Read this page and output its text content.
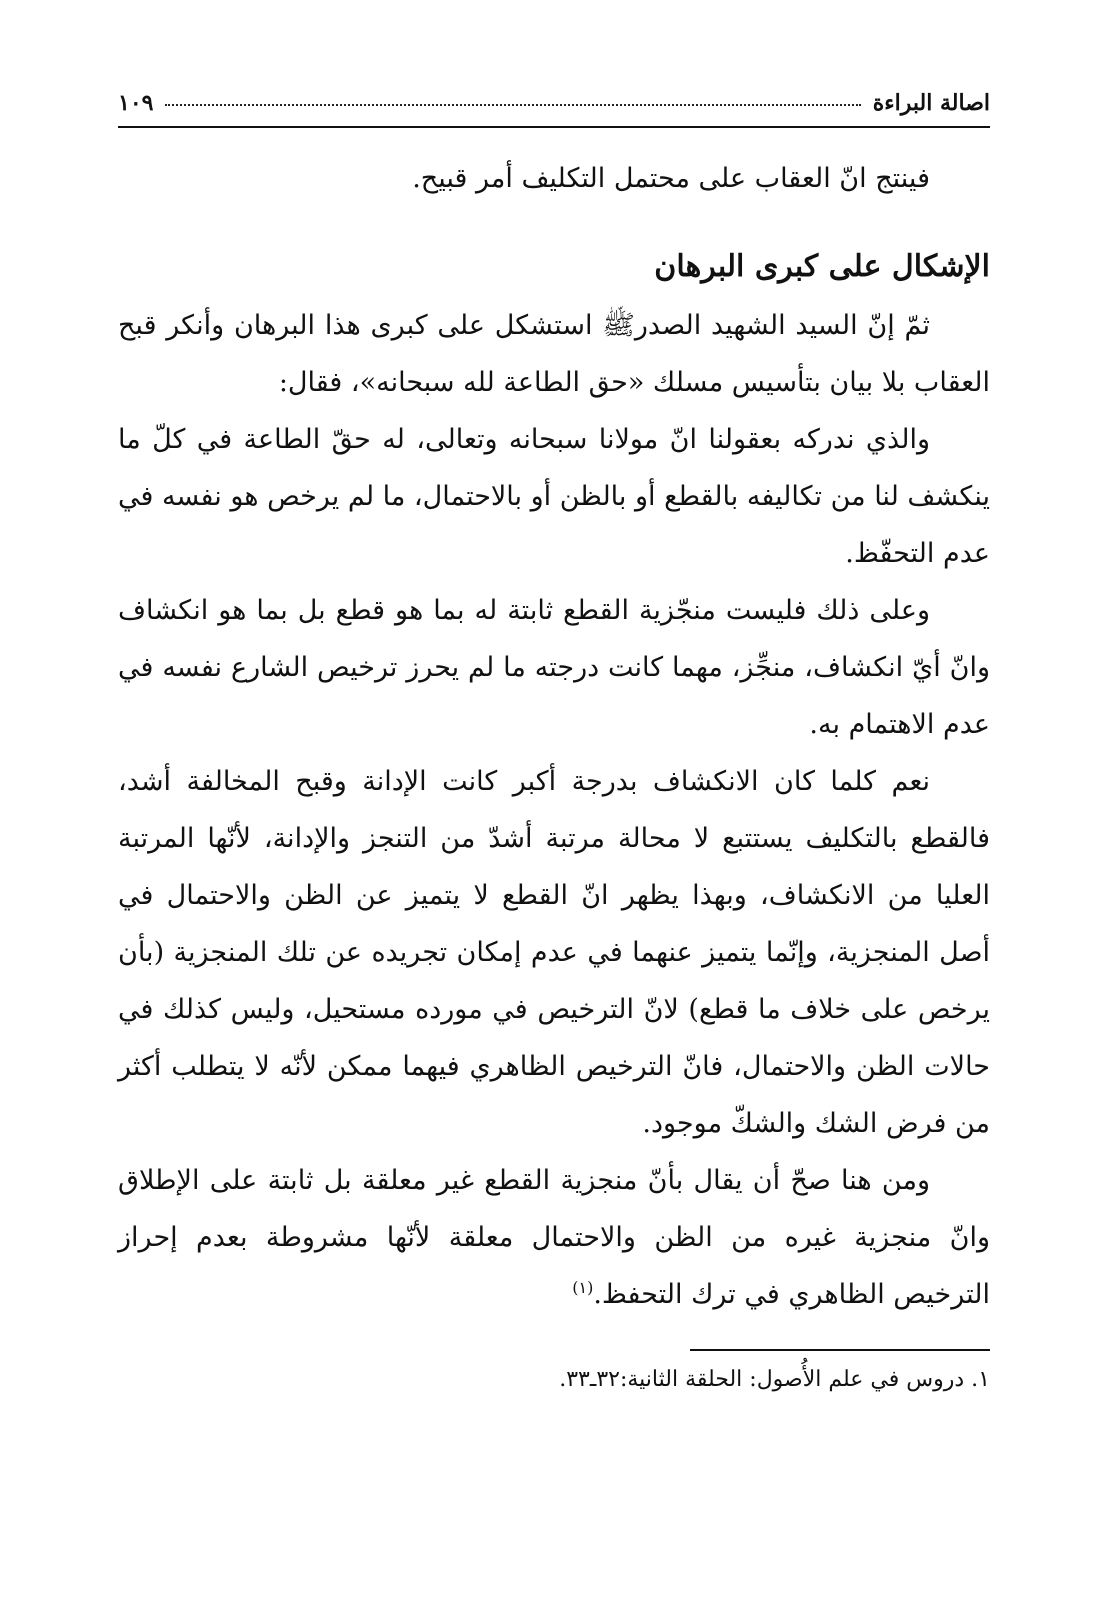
اصالة البراءة
١٠٩

فينتج انّ العقاب على محتمل التكليف أمر قبيح.

الإشكال على كبرى البرهان

ثمّ إنّ السيد الشهيد الصدرﷺ استشكل على كبرى هذا البرهان وأنكر قبح العقاب بلا بيان بتأسيس مسلك «حق الطاعة لله سبحانه»، فقال:

والذي ندركه بعقولنا انّ مولانا سبحانه وتعالى، له حقّ الطاعة في كلّ ما ينكشف لنا من تكاليفه بالقطع أو بالظن أو بالاحتمال، ما لم يرخص هو نفسه في عدم التحفّظ.

وعلى ذلك فليست منجّزية القطع ثابتة له بما هو قطع بل بما هو انكشاف وانّ أيّ انكشاف، منجِّز، مهما كانت درجته ما لم يحرز ترخيص الشارع نفسه في عدم الاهتمام به.

نعم كلما كان الانكشاف بدرجة أكبر كانت الإدانة وقبح المخالفة أشد، فالقطع بالتكليف يستتبع لا محالة مرتبة أشدّ من التنجز والإدانة، لأنّها المرتبة العليا من الانكشاف، وبهذا يظهر انّ القطع لا يتميز عن الظن والاحتمال في أصل المنجزية، وإنّما يتميز عنهما في عدم إمكان تجريده عن تلك المنجزية (بأن يرخص على خلاف ما قطع) لانّ الترخيص في مورده مستحيل، وليس كذلك في حالات الظن والاحتمال، فانّ الترخيص الظاهري فيهما ممكن لأنّه لا يتطلب أكثر من فرض الشك والشكّ موجود.

ومن هنا صحّ أن يقال بأنّ منجزية القطع غير معلقة بل ثابتة على الإطلاق وانّ منجزية غيره من الظن والاحتمال معلقة لأنّها مشروطة بعدم إحراز الترخيص الظاهري في ترك التحفظ.$^{(١)}$

١. دروس في علم الأُصول: الحلقة الثانية:٣٢ـ٣٣.
